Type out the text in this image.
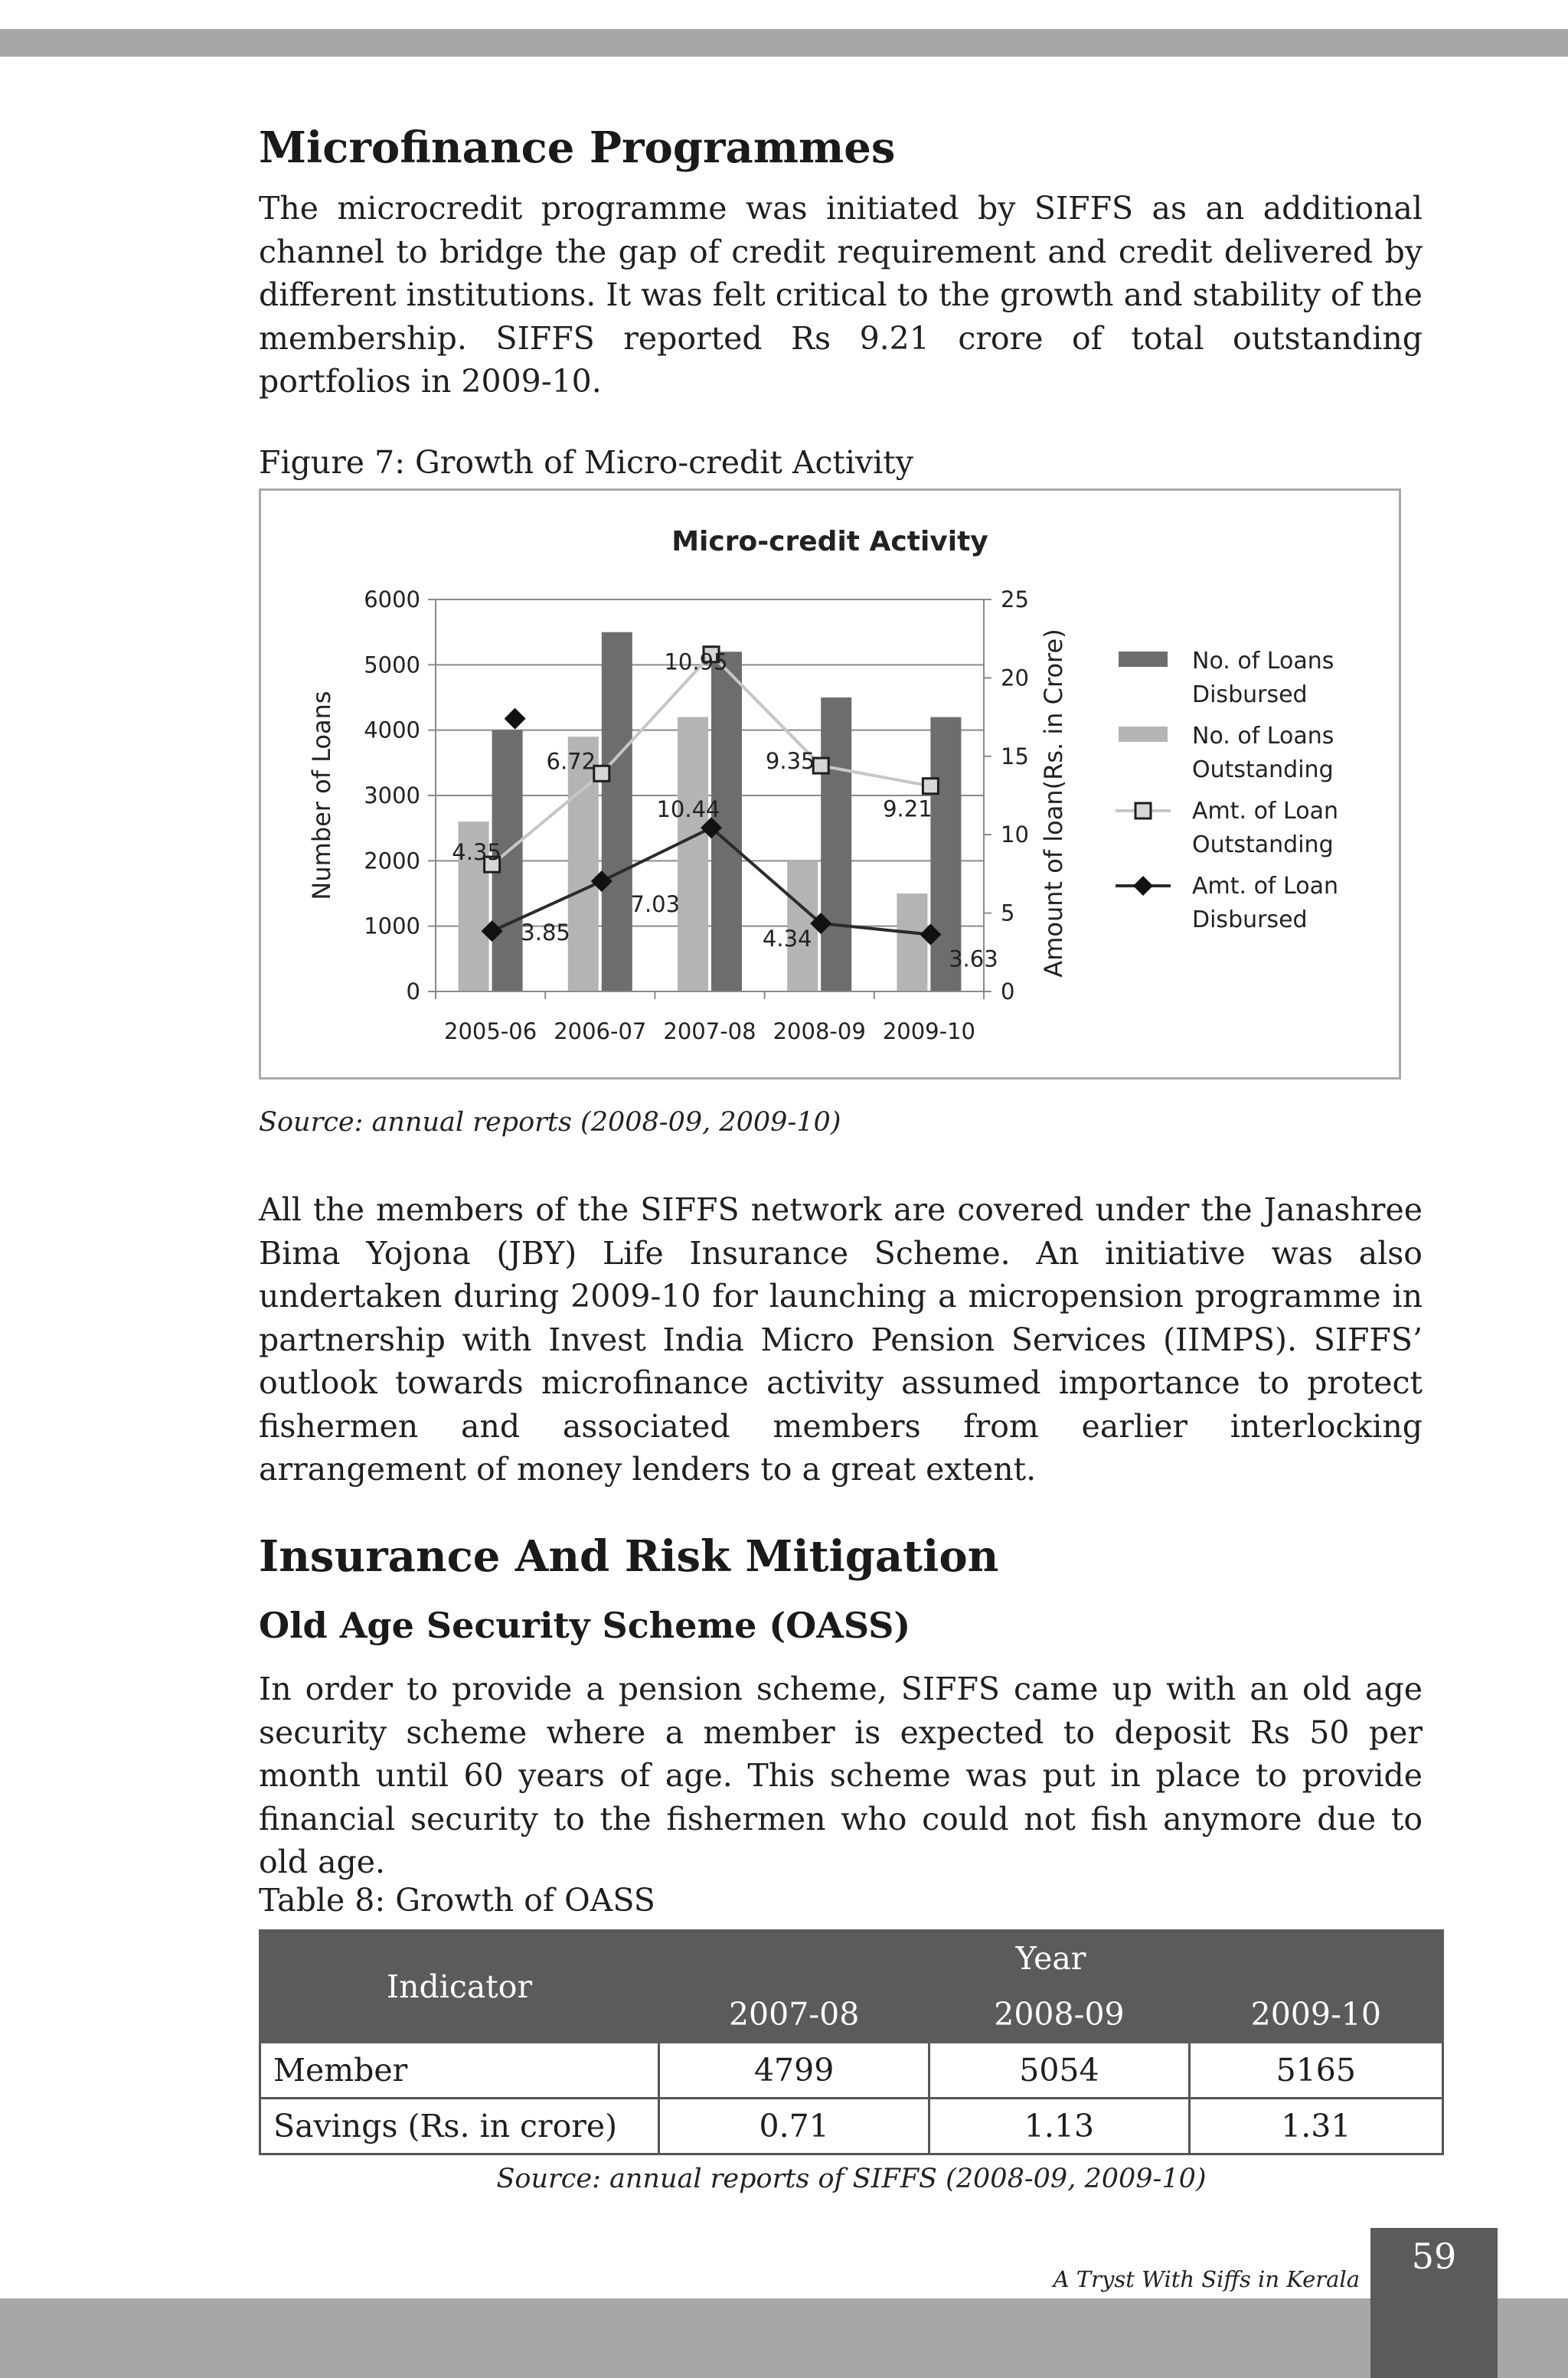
Microfinance Programmes

The microcredit programme was initiated by SIFFS as an additional channel to bridge the gap of credit requirement and credit delivered by different institutions. It was felt critical to the growth and stability of the membership. SIFFS reported Rs 9.21 crore of total outstanding portfolios in 2009-10.

Figure 7: Growth of Micro-credit Activity

Micro-credit Activity
0
1000
2000
3000
4000
5000
6000
0
5
10
15
20
25
2005-06 2006-07 2007-08 2008-09 2009-10
4.35
6.72
10.95
9.35
9.21
3.85
7.03
10.44
4.34
3.63
Number of Loans	Amount of loan(Rs. in Crore)	No. of Loans Disbursed
No. of Loans Outstanding
Amt. of Loan Outstanding
Amt. of Loan Disbursed

Source: annual reports (2008-09, 2009-10)

All the members of the SIFFS network are covered under the Janashree Bima Yojona (JBY) Life Insurance Scheme. An initiative was also undertaken during 2009-10 for launching a micropension programme in partnership with Invest India Micro Pension Services (IIMPS). SIFFS’ outlook towards microfinance activity assumed importance to protect fishermen and associated members from earlier interlocking arrangement of money lenders to a great extent.

Insurance And Risk Mitigation
Old Age Security Scheme (OASS)

In order to provide a pension scheme, SIFFS came up with an old age security scheme where a member is expected to deposit Rs 50 per month until 60 years of age. This scheme was put in place to provide financial security to the fishermen who could not fish anymore due to old age.

Table 8: Growth of OASS

Indicator	Year		
	2007-08	2008-09	2009-10
Member	4799	5054	5165
Savings (Rs. in crore)	0.71	1.13	1.31

Source: annual reports of SIFFS (2008-09, 2009-10)

59
A Tryst With Siffs in Kerala
